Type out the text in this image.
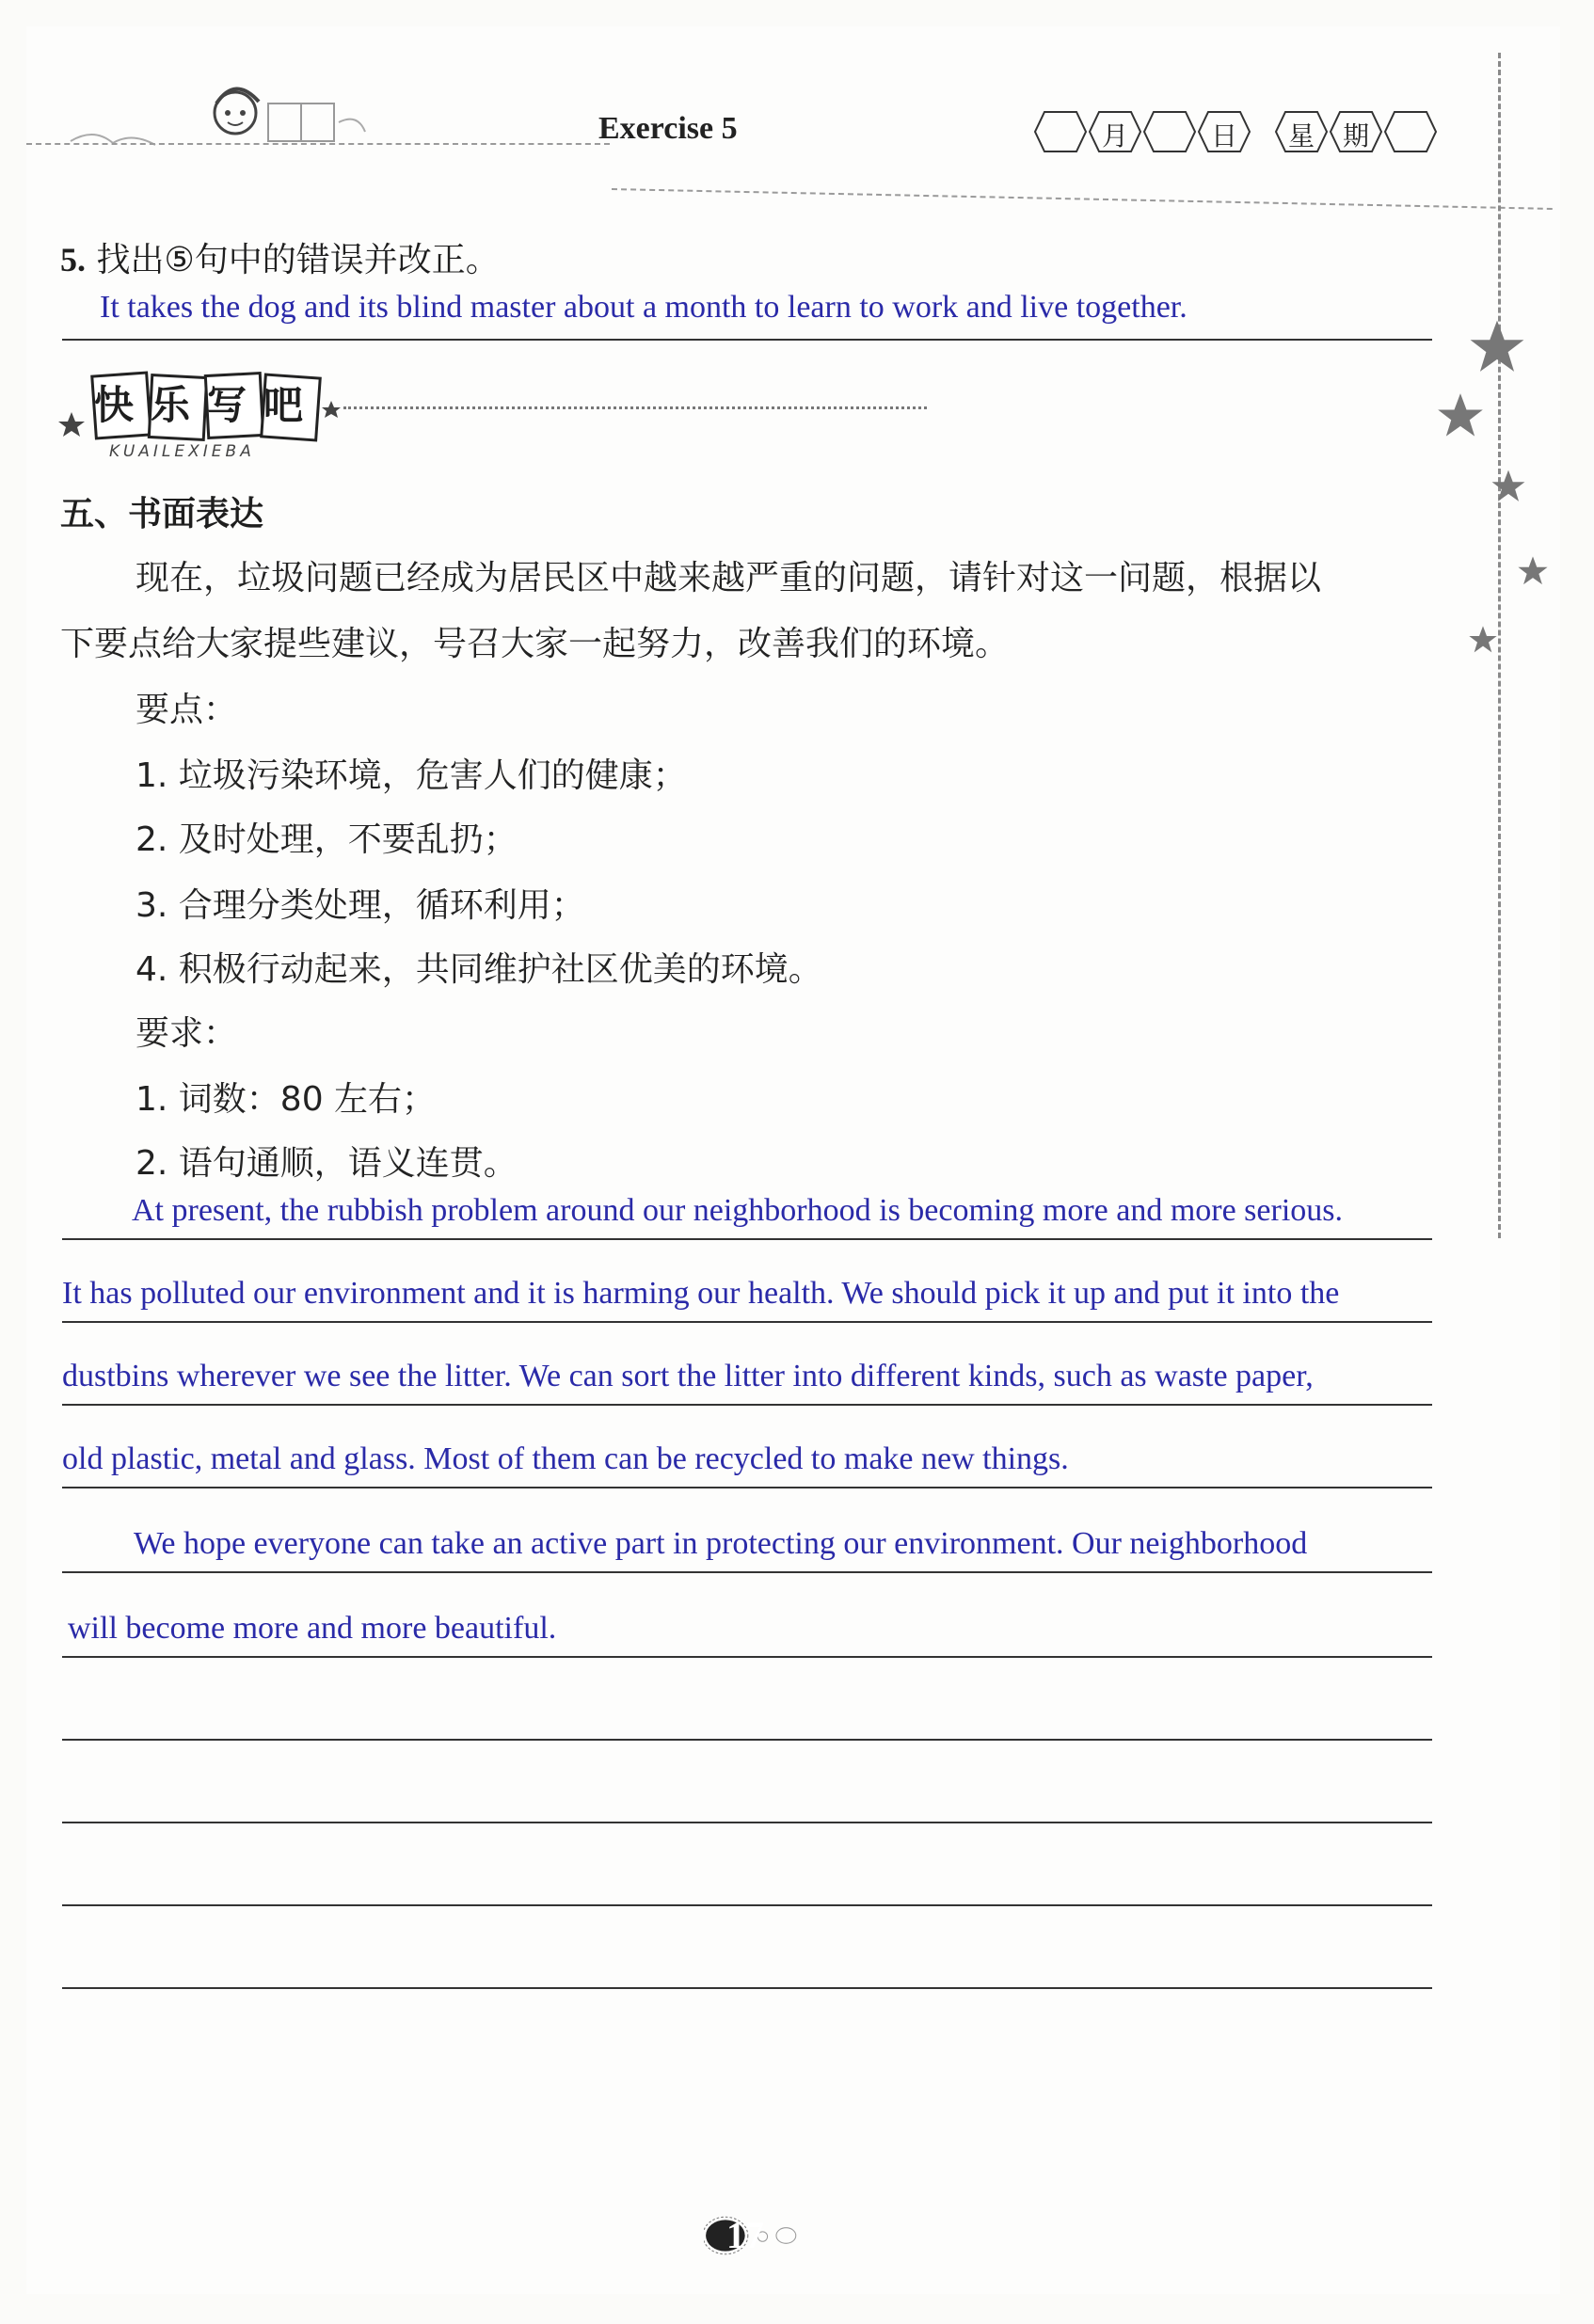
Exercise 5	月	日	星	期
5. 找出⑤句中的错误并改正。
It takes the dog and its blind master about a month to learn to work and live together.
快乐写吧
KUAILEXIEBA
五、书面表达
现在，垃圾问题已经成为居民区中越来越严重的问题，请针对这一问题，根据以
下要点给大家提些建议，号召大家一起努力，改善我们的环境。
要点：
1. 垃圾污染环境，危害人们的健康；
2. 及时处理，不要乱扔；
3. 合理分类处理，循环利用；
4. 积极行动起来，共同维护社区优美的环境。
要求：
1. 词数：80 左右；
2. 语句通顺，语义连贯。
At present, the rubbish problem around our neighborhood is becoming more and more serious.
It has polluted our environment and it is harming our health. We should pick it up and put it into the
dustbins wherever we see the litter. We can sort the litter into different kinds, such as waste paper,
old plastic, metal and glass. Most of them can be recycled to make new things.
We hope everyone can take an active part in protecting our environment. Our neighborhood
will become more and more beautiful.
17
